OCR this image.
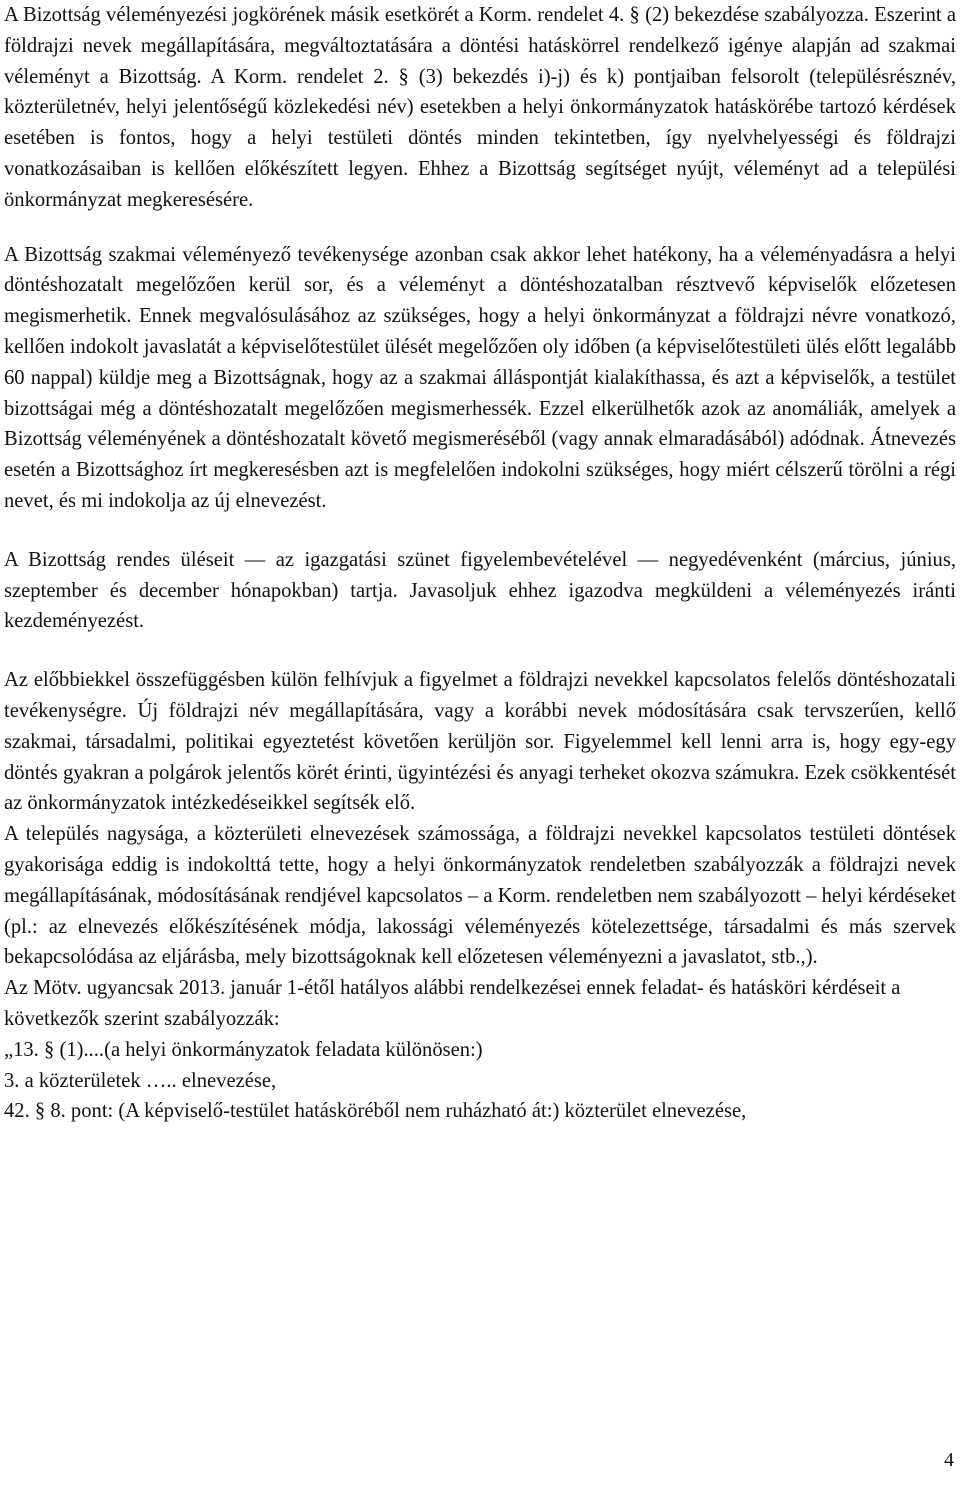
A Bizottság véleményezési jogkörének másik esetkörét a Korm. rendelet 4. § (2) bekezdése szabályozza. Eszerint a földrajzi nevek megállapítására, megváltoztatására a döntési hatáskörrel rendelkező igénye alapján ad szakmai véleményt a Bizottság. A Korm. rendelet 2. § (3) bekezdés i)-j) és k) pontjaiban felsorolt (településrésznév, közterületnév, helyi jelentőségű közlekedési név) esetekben a helyi önkormányzatok hatáskörébe tartozó kérdések esetében is fontos, hogy a helyi testületi döntés minden tekintetben, így nyelvhelyességi és földrajzi vonatkozásaiban is kellően előkészített legyen. Ehhez a Bizottság segítséget nyújt, véleményt ad a települési önkormányzat megkeresésére.

A Bizottság szakmai véleményező tevékenysége azonban csak akkor lehet hatékony, ha a véleményadásra a helyi döntéshozatalt megelőzően kerül sor, és a véleményt a döntéshozatalban résztvevő képviselők előzetesen megismerhetik. Ennek megvalósulásához az szükséges, hogy a helyi önkormányzat a földrajzi névre vonatkozó, kellően indokolt javaslatát a képviselőtestület ülését megelőzően oly időben (a képviselőtestületi ülés előtt legalább 60 nappal) küldje meg a Bizottságnak, hogy az a szakmai álláspontját kialakíthassa, és azt a képviselők, a testület bizottságai még a döntéshozatalt megelőzően megismerhessék. Ezzel elkerülhetők azok az anomáliák, amelyek a Bizottság véleményének a döntéshozatalt követő megismeréséből (vagy annak elmaradásából) adódnak. Átnevezés esetén a Bizottsághoz írt megkeresésben azt is megfelelően indokolni szükséges, hogy miért célszerű törölni a régi nevet, és mi indokolja az új elnevezést.

A Bizottság rendes üléseit — az igazgatási szünet figyelembevételével — negyedévenként (március, június, szeptember és december hónapokban) tartja. Javasoljuk ehhez igazodva megküldeni a véleményezés iránti kezdeményezést.

Az előbbiekkel összefüggésben külön felhívjuk a figyelmet a földrajzi nevekkel kapcsolatos felelős döntéshozatali tevékenységre. Új földrajzi név megállapítására, vagy a korábbi nevek módosítására csak tervszerűen, kellő szakmai, társadalmi, politikai egyeztetést követően kerüljön sor. Figyelemmel kell lenni arra is, hogy egy-egy döntés gyakran a polgárok jelentős körét érinti, ügyintézési és anyagi terheket okozva számukra. Ezek csökkentését az önkormányzatok intézkedéseikkel segítsék elő.

A település nagysága, a közterületi elnevezések számossága, a földrajzi nevekkel kapcsolatos testületi döntések gyakorisága eddig is indokolttá tette, hogy a helyi önkormányzatok rendeletben szabályozzák a földrajzi nevek megállapításának, módosításának rendjével kapcsolatos – a Korm. rendeletben nem szabályozott – helyi kérdéseket (pl.: az elnevezés előkészítésének módja, lakossági véleményezés kötelezettsége, társadalmi és más szervek bekapcsolódása az eljárásba, mely bizottságoknak kell előzetesen véleményezni a javaslatot, stb.,).

Az Mötv. ugyancsak 2013. január 1-étől hatályos alábbi rendelkezései ennek feladat- és hatásköri kérdéseit a következők szerint szabályozzák:

„13. § (1)....(a helyi önkormányzatok feladata különösen:)

3. a közterületek ….. elnevezése,

42. § 8. pont: (A képviselő-testület hatásköréből nem ruházható át:) közterület elnevezése,

4
